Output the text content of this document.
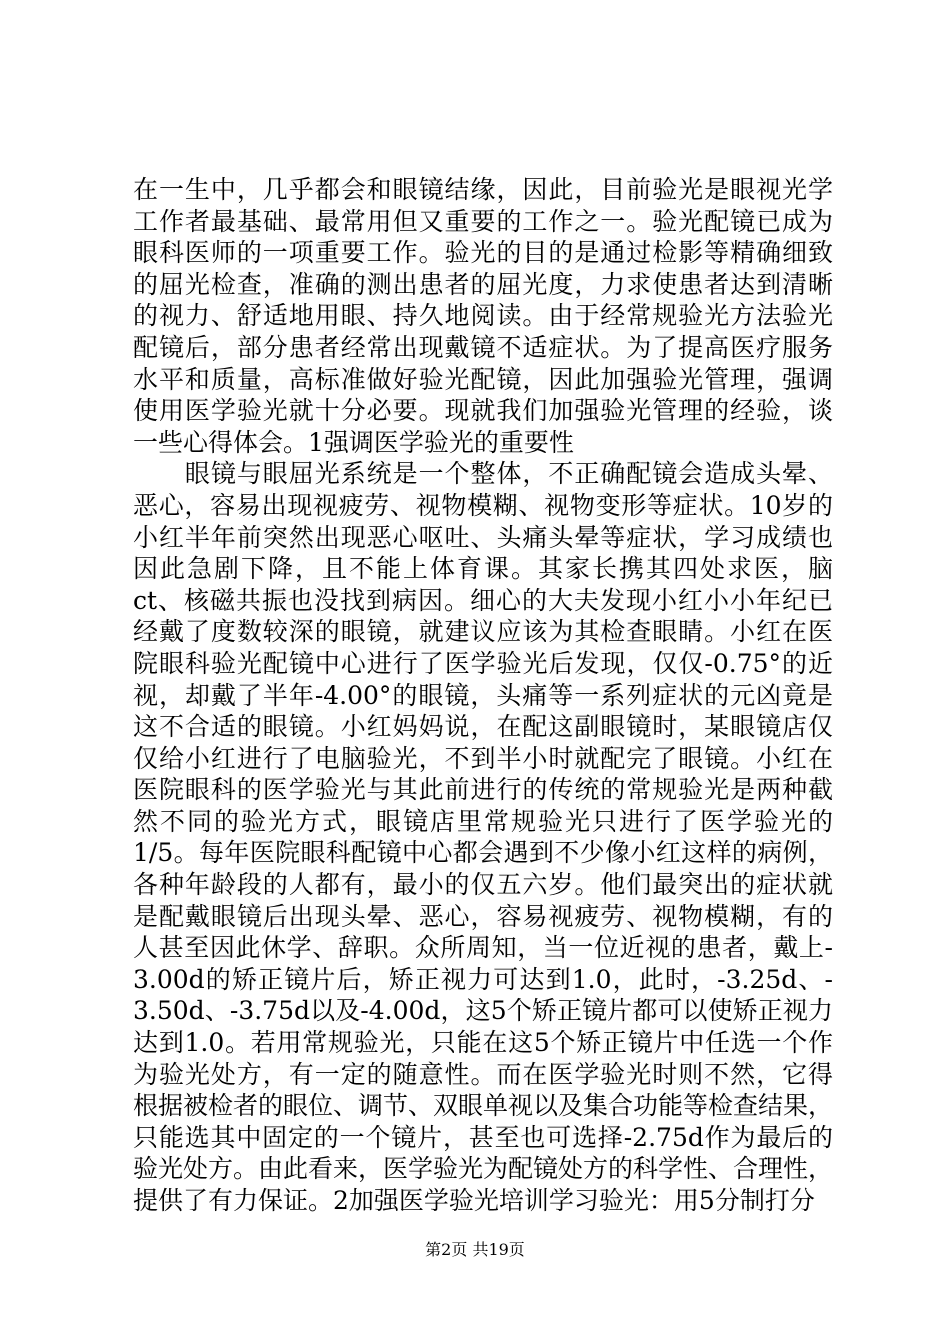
在一生中，几乎都会和眼镜结缘，因此，目前验光是眼视光学
工作者最基础、最常用但又重要的工作之一。验光配镜已成为
眼科医师的一项重要工作。验光的目的是通过检影等精确细致
的屈光检查，准确的测出患者的屈光度，力求使患者达到清晰
的视力、舒适地用眼、持久地阅读。由于经常规验光方法验光
配镜后，部分患者经常出现戴镜不适症状。为了提高医疗服务
水平和质量，高标准做好验光配镜，因此加强验光管理，强调
使用医学验光就十分必要。现就我们加强验光管理的经验，谈
一些心得体会。1强调医学验光的重要性
　　眼镜与眼屈光系统是一个整体，不正确配镜会造成头晕、
恶心，容易出现视疲劳、视物模糊、视物变形等症状。10岁的
小红半年前突然出现恶心呕吐、头痛头晕等症状，学习成绩也
因此急剧下降，且不能上体育课。其家长携其四处求医，脑
ct、核磁共振也没找到病因。细心的大夫发现小红小小年纪已
经戴了度数较深的眼镜，就建议应该为其检查眼睛。小红在医
院眼科验光配镜中心进行了医学验光后发现，仅仅-0.75°的近
视，却戴了半年-4.00°的眼镜，头痛等一系列症状的元凶竟是
这不合适的眼镜。小红妈妈说，在配这副眼镜时，某眼镜店仅
仅给小红进行了电脑验光，不到半小时就配完了眼镜。小红在
医院眼科的医学验光与其此前进行的传统的常规验光是两种截
然不同的验光方式，眼镜店里常规验光只进行了医学验光的
1/5。每年医院眼科配镜中心都会遇到不少像小红这样的病例，
各种年龄段的人都有，最小的仅五六岁。他们最突出的症状就
是配戴眼镜后出现头晕、恶心，容易视疲劳、视物模糊，有的
人甚至因此休学、辞职。众所周知，当一位近视的患者，戴上-
3.00d的矫正镜片后，矫正视力可达到1.0，此时，-3.25d、-
3.50d、-3.75d以及-4.00d，这5个矫正镜片都可以使矫正视力
达到1.0。若用常规验光，只能在这5个矫正镜片中任选一个作
为验光处方，有一定的随意性。而在医学验光时则不然，它得
根据被检者的眼位、调节、双眼单视以及集合功能等检查结果，
只能选其中固定的一个镜片，甚至也可选择-2.75d作为最后的
验光处方。由此看来，医学验光为配镜处方的科学性、合理性，
提供了有力保证。2加强医学验光培训学习验光：用5分制打分
第2页 共19页
